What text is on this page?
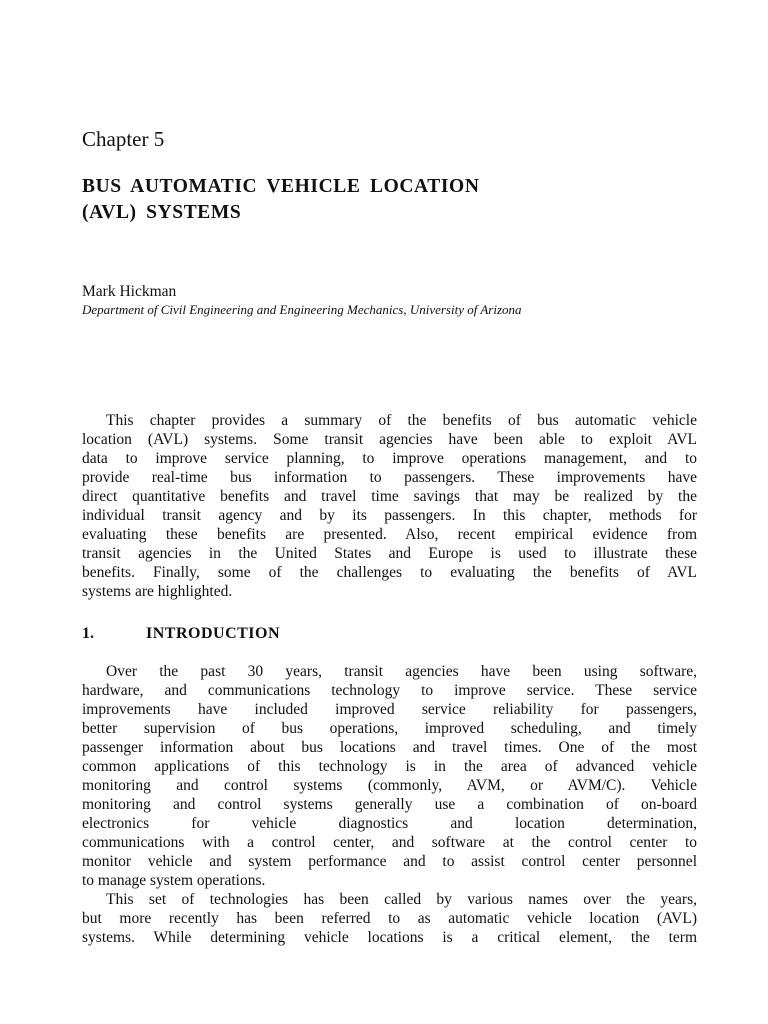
Chapter 5
BUS AUTOMATIC VEHICLE LOCATION
(AVL) SYSTEMS
Mark Hickman
Department of Civil Engineering and Engineering Mechanics, University of Arizona

This chapter provides a summary of the benefits of bus automatic vehicle
location (AVL) systems. Some transit agencies have been able to exploit AVL
data to improve service planning, to improve operations management, and to
provide real-time bus information to passengers. These improvements have
direct quantitative benefits and travel time savings that may be realized by the
individual transit agency and by its passengers. In this chapter, methods for
evaluating these benefits are presented. Also, recent empirical evidence from
transit agencies in the United States and Europe is used to illustrate these
benefits. Finally, some of the challenges to evaluating the benefits of AVL
systems are highlighted.

1.	INTRODUCTION

Over the past 30 years, transit agencies have been using software,
hardware, and communications technology to improve service. These service
improvements have included improved service reliability for passengers,
better supervision of bus operations, improved scheduling, and timely
passenger information about bus locations and travel times. One of the most
common applications of this technology is in the area of advanced vehicle
monitoring and control systems (commonly, AVM, or AVM/C). Vehicle
monitoring and control systems generally use a combination of on-board
electronics for vehicle diagnostics and location determination,
communications with a control center, and software at the control center to
monitor vehicle and system performance and to assist control center personnel
to manage system operations.

This set of technologies has been called by various names over the years,
but more recently has been referred to as automatic vehicle location (AVL)
systems. While determining vehicle locations is a critical element, the term
